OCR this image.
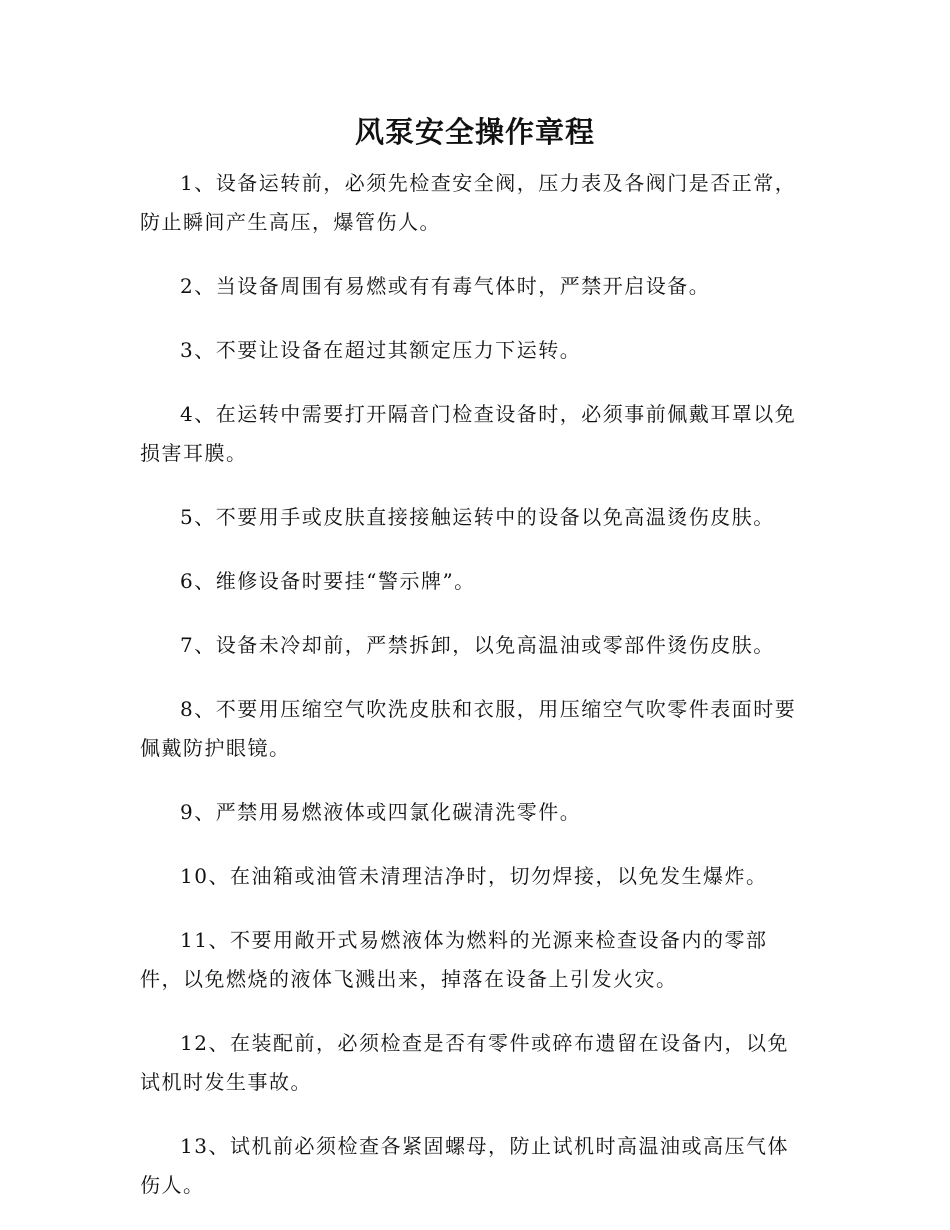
风泵安全操作章程
1、设备运转前，必须先检查安全阀，压力表及各阀门是否正常，防止瞬间产生高压，爆管伤人。
2、当设备周围有易燃或有有毒气体时，严禁开启设备。
3、不要让设备在超过其额定压力下运转。
4、在运转中需要打开隔音门检查设备时，必须事前佩戴耳罩以免损害耳膜。
5、不要用手或皮肤直接接触运转中的设备以免高温烫伤皮肤。
6、维修设备时要挂“警示牌”。
7、设备未冷却前，严禁拆卸，以免高温油或零部件烫伤皮肤。
8、不要用压缩空气吹洗皮肤和衣服，用压缩空气吹零件表面时要佩戴防护眼镜。
9、严禁用易燃液体或四氯化碳清洗零件。
10、在油箱或油管未清理洁净时，切勿焊接，以免发生爆炸。
11、不要用敞开式易燃液体为燃料的光源来检查设备内的零部件，以免燃烧的液体飞溅出来，掉落在设备上引发火灾。
12、在装配前，必须检查是否有零件或碎布遗留在设备内，以免试机时发生事故。
13、试机前必须检查各紧固螺母，防止试机时高温油或高压气体伤人。
